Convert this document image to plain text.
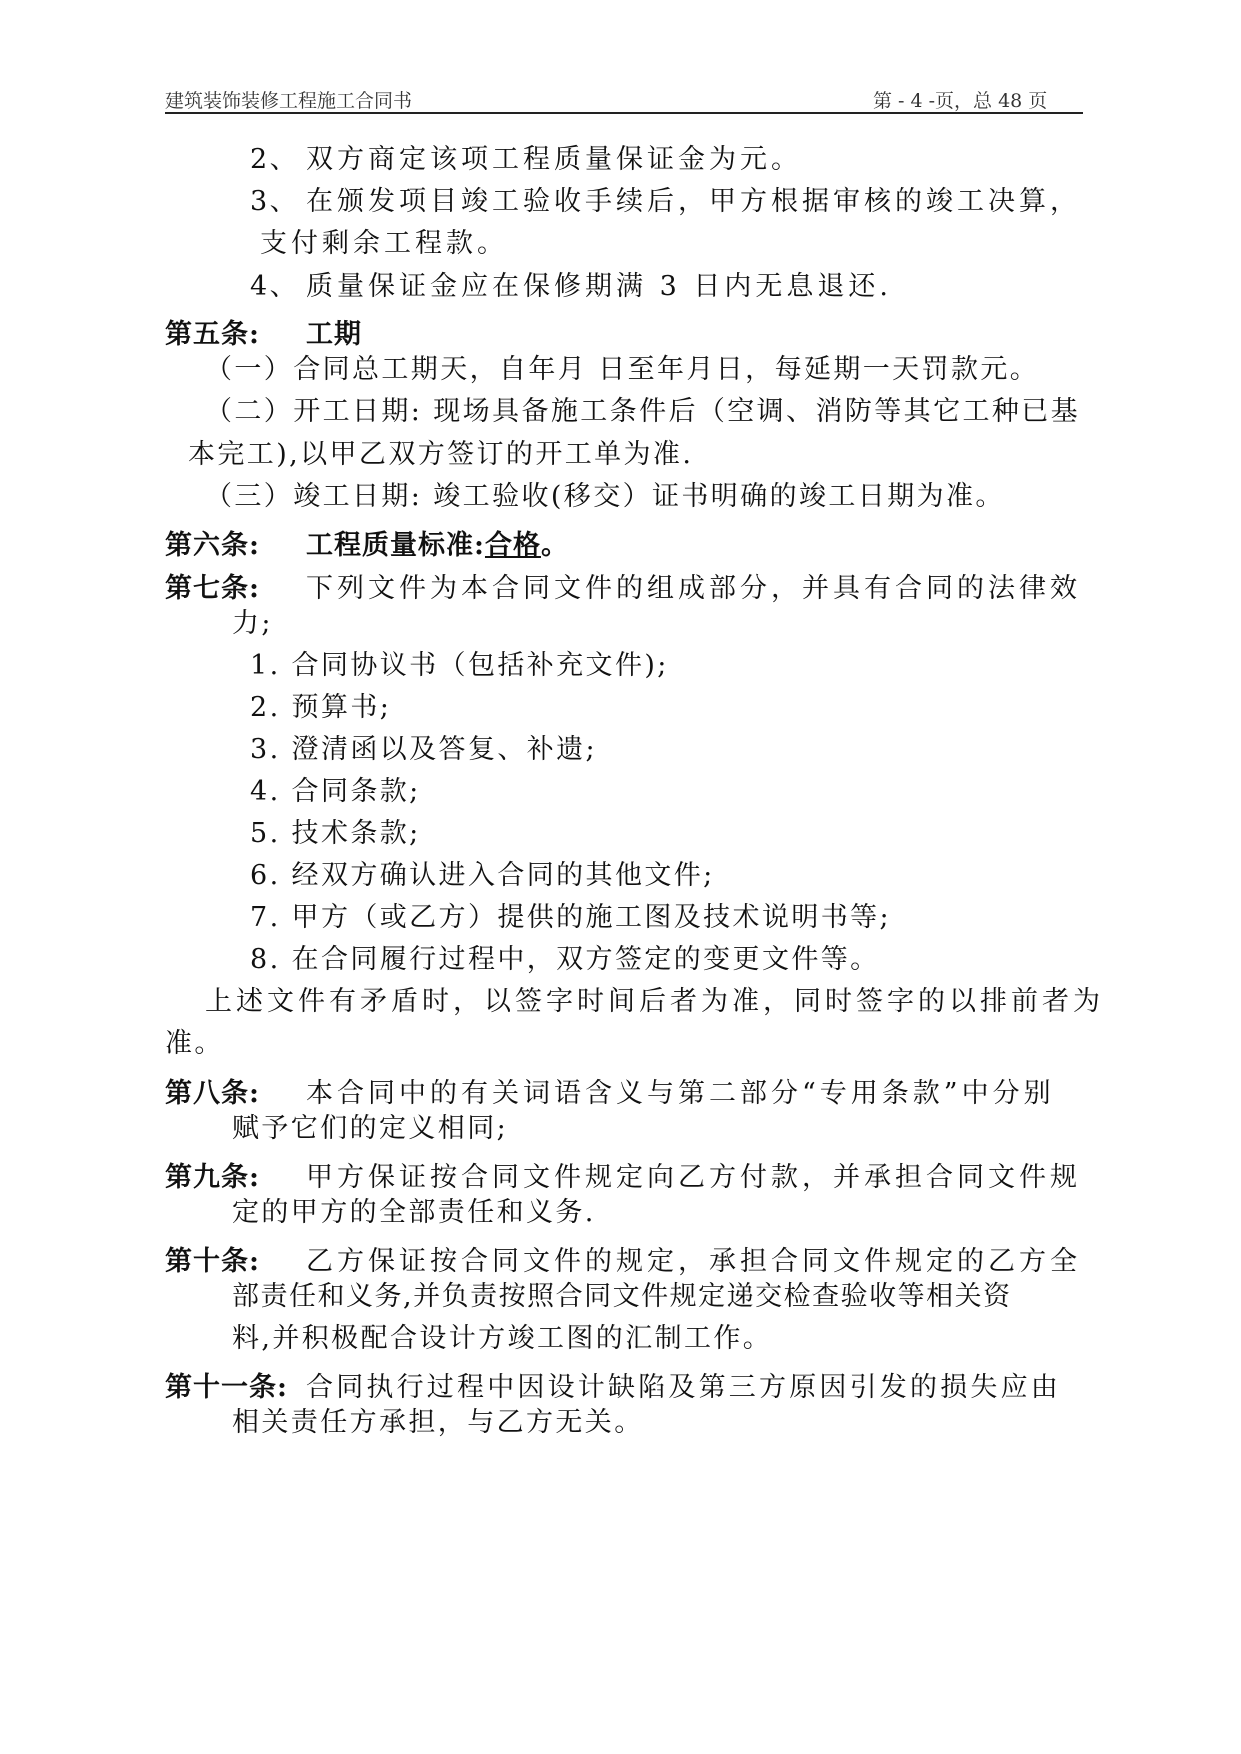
建筑装饰装修工程施工合同书	第 - 4 -页，总 48 页
2、 双方商定该项工程质量保证金为元。
3、 在颁发项目竣工验收手续后，甲方根据审核的竣工决算，
支付剩余工程款。
4、 质量保证金应在保修期满 3 日内无息退还.
第五条: 工期
（一）合同总工期天，自年月 日至年月日，每延期一天罚款元。
（二）开工日期: 现场具备施工条件后（空调、消防等其它工种已基
本完工),以甲乙双方签订的开工单为准.
（三）竣工日期: 竣工验收(移交）证书明确的竣工日期为准。
第六条: 工程质量标准:合格。
第七条: 下列文件为本合同文件的组成部分，并具有合同的法律效
力;
1. 合同协议书（包括补充文件);
2. 预算书;
3. 澄清函以及答复、补遗;
4. 合同条款;
5. 技术条款;
6. 经双方确认进入合同的其他文件;
7. 甲方（或乙方）提供的施工图及技术说明书等;
8. 在合同履行过程中，双方签定的变更文件等。
上述文件有矛盾时，以签字时间后者为准，同时签字的以排前者为
准。
第八条: 本合同中的有关词语含义与第二部分“专用条款”中分别
赋予它们的定义相同;
第九条: 甲方保证按合同文件规定向乙方付款，并承担合同文件规
定的甲方的全部责任和义务.
第十条: 乙方保证按合同文件的规定，承担合同文件规定的乙方全
部责任和义务,并负责按照合同文件规定递交检查验收等相关资
料,并积极配合设计方竣工图的汇制工作。
第十一条: 合同执行过程中因设计缺陷及第三方原因引发的损失应由
相关责任方承担，与乙方无关。
